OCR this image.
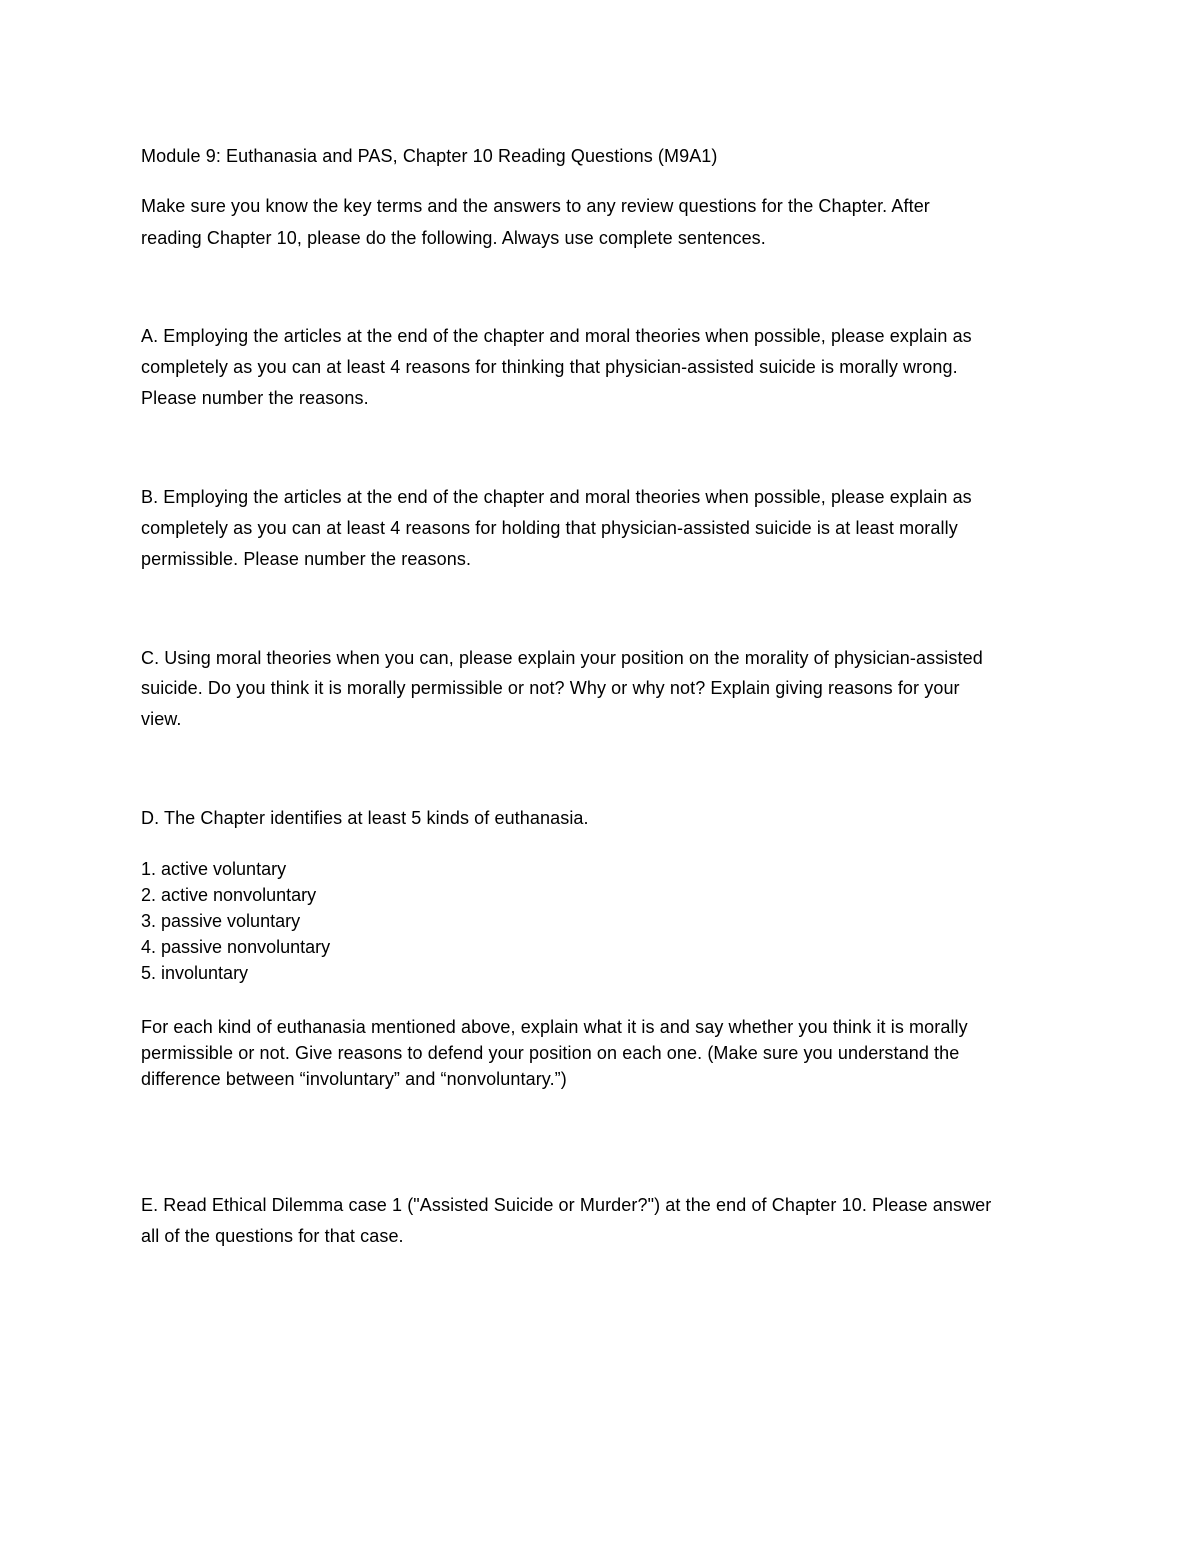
Module 9: Euthanasia and PAS, Chapter 10 Reading Questions (M9A1)

Make sure you know the key terms and the answers to any review questions for the Chapter. After

reading Chapter 10, please do the following. Always use complete sentences.

A. Employing the articles at the end of the chapter and moral theories when possible, please explain as

completely as you can at least 4 reasons for thinking that physician-assisted suicide is morally wrong.

Please number the reasons.

B. Employing the articles at the end of the chapter and moral theories when possible, please explain as

completely as you can at least 4 reasons for holding that physician-assisted suicide is at least morally

permissible. Please number the reasons.

C. Using moral theories when you can, please explain your position on the morality of physician-assisted

suicide. Do you think it is morally permissible or not? Why or why not? Explain giving reasons for your

view.

D. The Chapter identifies at least 5 kinds of euthanasia.

1. active voluntary
2. active nonvoluntary
3. passive voluntary
4. passive nonvoluntary
5. involuntary

For each kind of euthanasia mentioned above, explain what it is and say whether you think it is morally

permissible or not. Give reasons to defend your position on each one. (Make sure you understand the

difference between “involuntary” and “nonvoluntary.”)

E. Read Ethical Dilemma case 1 ("Assisted Suicide or Murder?") at the end of Chapter 10. Please answer

all of the questions for that case.
